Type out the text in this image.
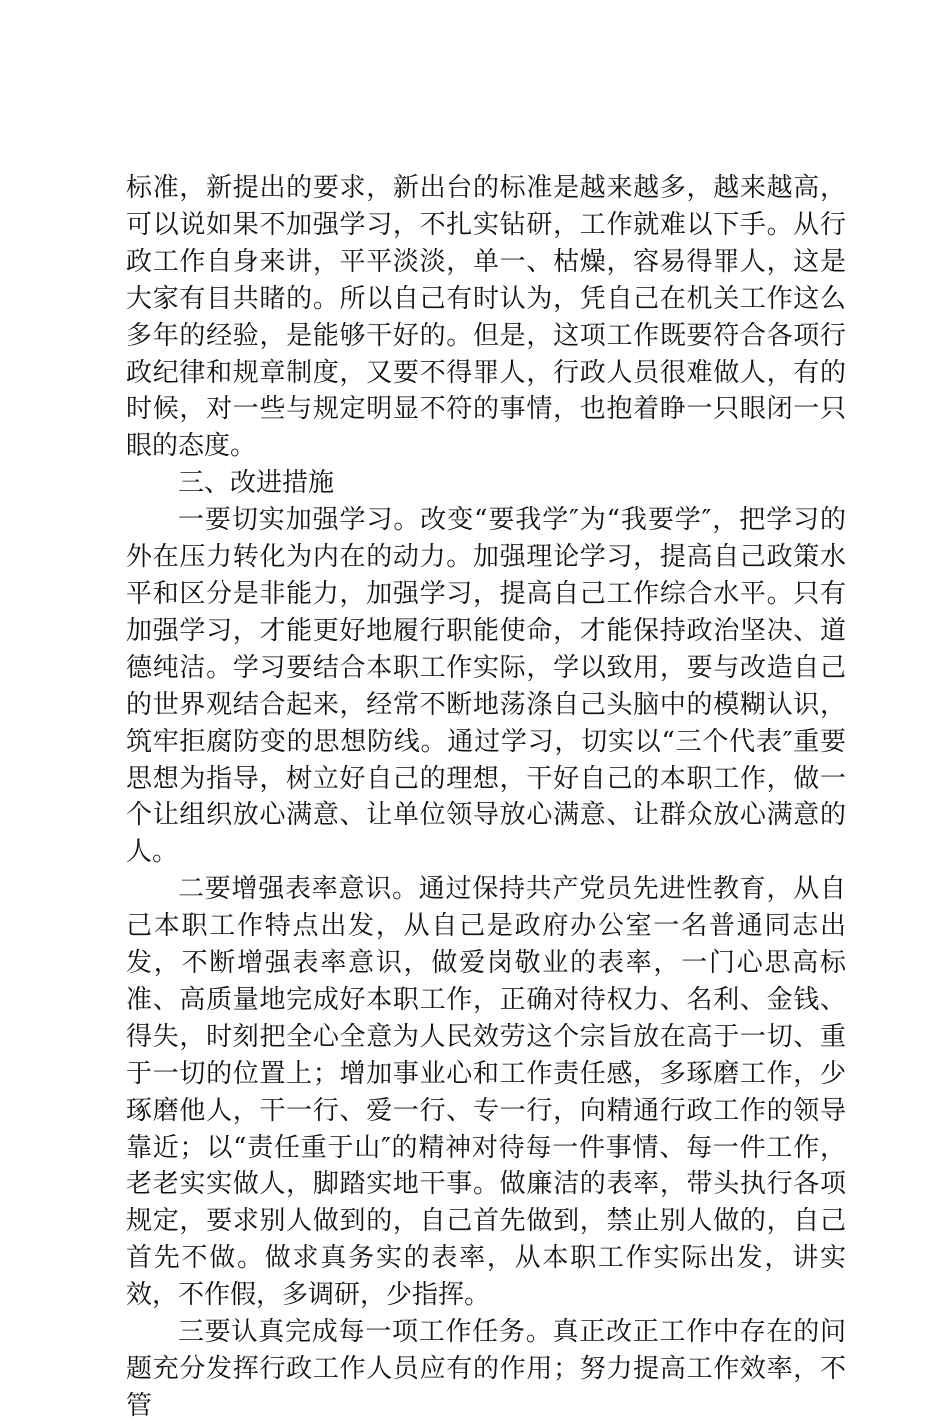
标准，新提出的要求，新出台的标准是越来越多，越来越高，可以说如果不加强学习，不扎实钻研，工作就难以下手。从行政工作自身来讲，平平淡淡，单一、枯燥，容易得罪人，这是大家有目共睹的。所以自己有时认为，凭自己在机关工作这么多年的经验，是能够干好的。但是，这项工作既要符合各项行政纪律和规章制度，又要不得罪人，行政人员很难做人，有的时候，对一些与规定明显不符的事情，也抱着睁一只眼闭一只眼的态度。

三、改进措施

一要切实加强学习。改变“要我学″为“我要学″，把学习的外在压力转化为内在的动力。加强理论学习，提高自己政策水平和区分是非能力，加强学习，提高自己工作综合水平。只有加强学习，才能更好地履行职能使命，才能保持政治坚决、道德纯洁。学习要结合本职工作实际，学以致用，要与改造自己的世界观结合起来，经常不断地荡涤自己头脑中的模糊认识，筑牢拒腐防变的思想防线。通过学习，切实以“三个代表″重要思想为指导，树立好自己的理想，干好自己的本职工作，做一个让组织放心满意、让单位领导放心满意、让群众放心满意的人。

二要增强表率意识。通过保持共产党员先进性教育，从自己本职工作特点出发，从自己是政府办公室一名普通同志出发，不断增强表率意识，做爱岗敬业的表率，一门心思高标准、高质量地完成好本职工作，正确对待权力、名利、金钱、得失，时刻把全心全意为人民效劳这个宗旨放在高于一切、重于一切的位置上；增加事业心和工作责任感，多琢磨工作，少琢磨他人，干一行、爱一行、专一行，向精通行政工作的领导靠近；以“责任重于山″的精神对待每一件事情、每一件工作，老老实实做人，脚踏实地干事。做廉洁的表率，带头执行各项规定，要求别人做到的，自己首先做到，禁止别人做的，自己首先不做。做求真务实的表率，从本职工作实际出发，讲实效，不作假，多调研，少指挥。

三要认真完成每一项工作任务。真正改正工作中存在的问题充分发挥行政工作人员应有的作用；努力提高工作效率，不管
